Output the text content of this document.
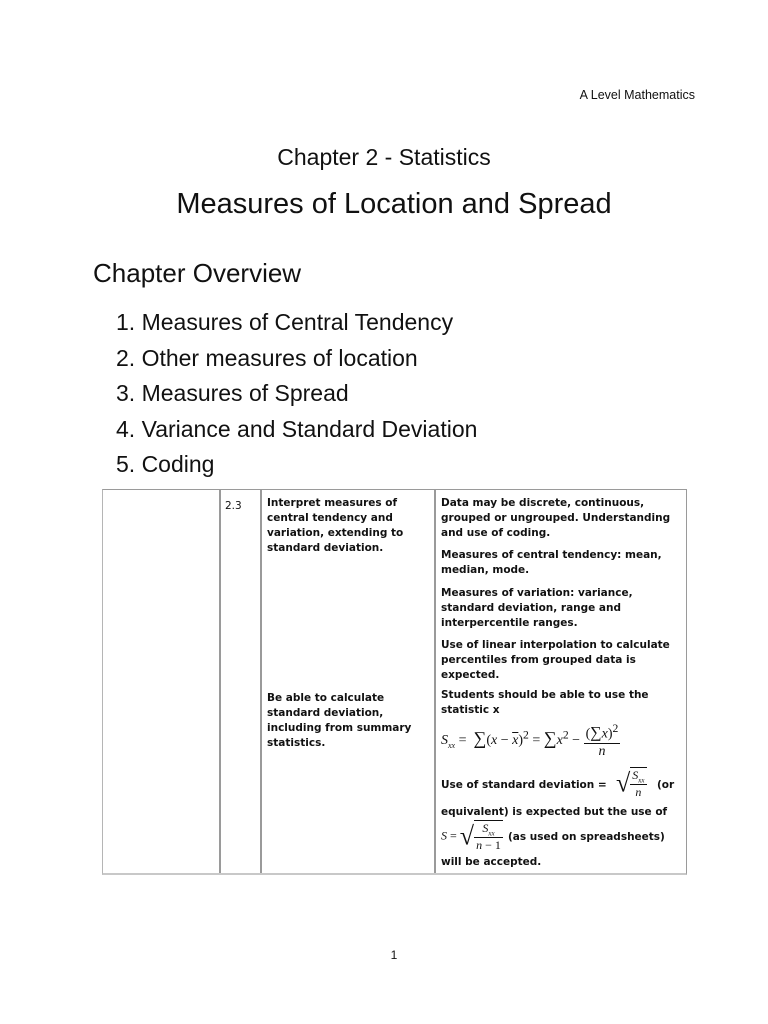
A Level Mathematics
Chapter 2 - Statistics
Measures of Location and Spread
Chapter Overview
1. Measures of Central Tendency
2. Other measures of location
3. Measures of Spread
4. Variance and Standard Deviation
5. Coding
2.3 Interpret measures of central tendency and variation, extending to standard deviation.
Be able to calculate standard deviation, including from summary statistics.
Data may be discrete, continuous, grouped or ungrouped. Understanding and use of coding.
Measures of central tendency: mean, median, mode.
Measures of variation: variance, standard deviation, range and interpercentile ranges.
Use of linear interpolation to calculate percentiles from grouped data is expected.
Students should be able to use the statistic x
$S_{xx} = \sum(x - \overline{x})^2 = \sum x^2 - \frac{(\sum x)^2}{n}$
Use of standard deviation = √ $\frac{S_{xx}}{n} (or$
equivalent) is expected but the use of
S = √ $\frac{S_{xx}}{n - 1} (as$ used on spreadsheets)
will be accepted.
1
